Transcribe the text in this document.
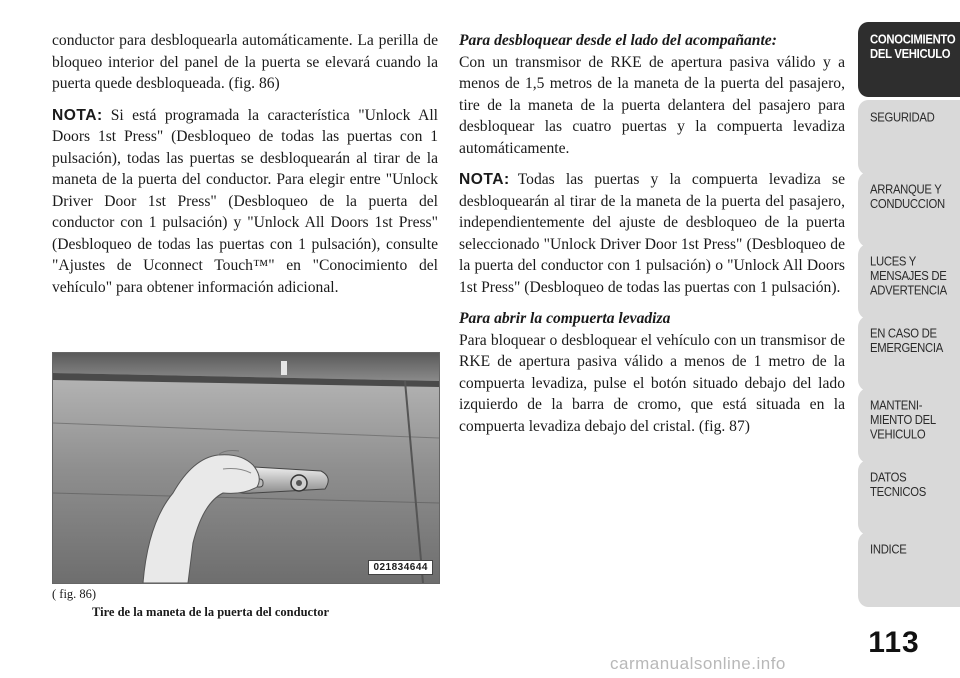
conductor para desbloquearla automáticamente. La perilla de bloqueo interior del panel de la puerta se elevará cuando la puerta quede desbloqueada. (fig. 86)

NOTA: Si está programada la característica "Unlock All Doors 1st Press" (Desbloqueo de todas las puertas con 1 pulsación), todas las puertas se desbloquearán al tirar de la maneta de la puerta del conductor. Para elegir entre "Unlock Driver Door 1st Press" (Desbloqueo de la puerta del conductor con 1 pulsación) y "Unlock All Doors 1st Press" (Desbloqueo de todas las puertas con 1 pulsación), consulte "Ajustes de Uconnect Touch™" en "Conocimiento del vehículo" para obtener información adicional.

021834644
( fig. 86)
Tire de la maneta de la puerta del conductor

Para desbloquear desde el lado del acompañante:

Con un transmisor de RKE de apertura pasiva válido y a menos de 1,5 metros de la maneta de la puerta del pasajero, tire de la maneta de la puerta delantera del pasajero para desbloquear las cuatro puertas y la compuerta levadiza automáticamente.

NOTA: Todas las puertas y la compuerta levadiza se desbloquearán al tirar de la maneta de la puerta del pasajero, independientemente del ajuste de desbloqueo de la puerta seleccionado "Unlock Driver Door 1st Press" (Desbloqueo de la puerta del conductor con 1 pulsación) o "Unlock All Doors 1st Press" (Desbloqueo de todas las puertas con 1 pulsación).

Para abrir la compuerta levadiza

Para bloquear o desbloquear el vehículo con un transmisor de RKE de apertura pasiva válido a menos de 1 metro de la compuerta levadiza, pulse el botón situado debajo del lado izquierdo de la barra de cromo, que está situada en la compuerta levadiza debajo del cristal. (fig. 87)

CONOCIMIENTO
DEL VEHICULO
SEGURIDAD
ARRANQUE Y
CONDUCCION
LUCES Y
MENSAJES DE
ADVERTENCIA
EN CASO DE
EMERGENCIA
MANTENI-
MIENTO DEL
VEHICULO
DATOS
TECNICOS
INDICE
113
carmanualsonline.info
